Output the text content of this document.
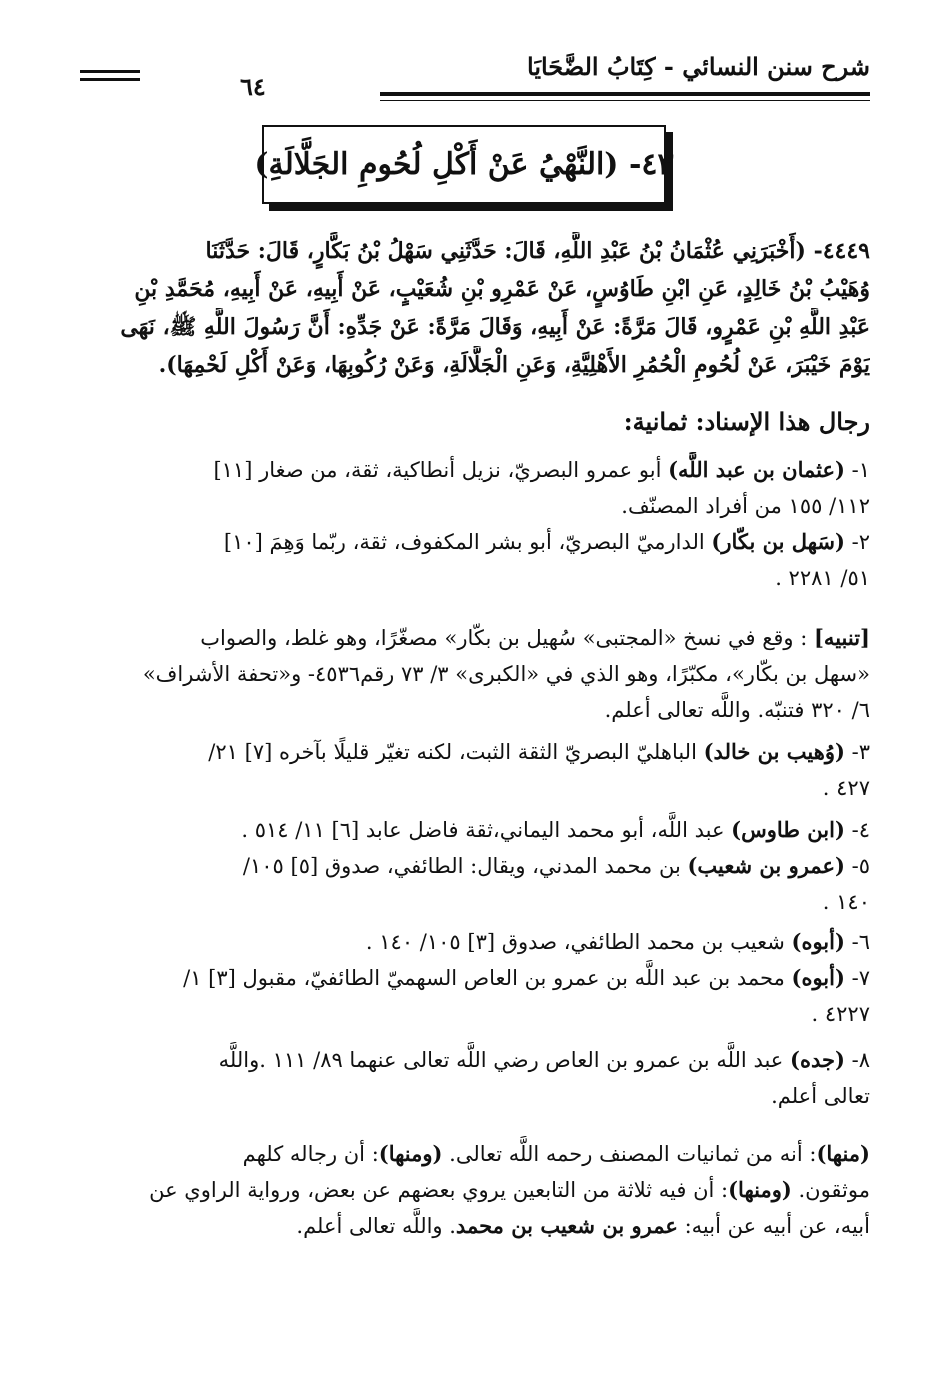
شرح سنن النسائي - كِتَابُ الضَّحَايَا
٦٤
٤٣- (النَّهْيُ عَنْ أَكْلِ لُحُومِ الجَلَّالَةِ)
٤٤٤٩- (أَخْبَرَنِي عُثْمَانُ بْنُ عَبْدِ اللَّهِ، قَالَ: حَدَّثَنِي سَهْلُ بْنُ بَكَّارٍ، قَالَ: حَدَّثَنَا
وُهَيْبُ بْنُ خَالِدٍ، عَنِ ابْنِ طَاوُسٍ، عَنْ عَمْرِو بْنِ شُعَيْبٍ، عَنْ أَبِيهِ، عَنْ أَبِيهِ، مُحَمَّدِ بْنِ
عَبْدِ اللَّهِ بْنِ عَمْرٍو، قَالَ مَرَّةً: عَنْ أَبِيهِ، وَقَالَ مَرَّةً: عَنْ جَدِّهِ: أَنَّ رَسُولَ اللَّهِ ﷺ، نَهَى
يَوْمَ خَيْبَرَ، عَنْ لُحُومِ الْحُمُرِ الأَهْلِيَّةِ، وَعَنِ الْجَلَّالَةِ، وَعَنْ رُكُوبِهَا، وَعَنْ أَكْلِ لَحْمِهَا).
رجال هذا الإسناد: ثمانية:
١- (عثمان بن عبد اللَّه) أبو عمرو البصريّ، نزيل أنطاكية، ثقة، من صغار [١١]
١١٢/ ١٥٥ من أفراد المصنّف.
٢- (سَهل بن بكّار) الدارميّ البصريّ، أبو بشر المكفوف، ثقة، ربّما وَهِمَ [١٠]
٥١/ ٢٢٨١ .
[تنبيه] : وقع في نسخ «المجتبى» سُهيل بن بكّار» مصغّرًا، وهو غلط، والصواب
«سهل بن بكّار»، مكبّرًا، وهو الذي في «الكبرى» ٣/ ٧٣ رقم٤٥٣٦- و«تحفة الأشراف»
٦/ ٣٢٠ فتنبّه. واللَّه تعالى أعلم.
٣- (وُهيب بن خالد) الباهليّ البصريّ الثقة الثبت، لكنه تغيّر قليلًا بآخره [٧] ٢١/
٤٢٧ .
٤- (ابن طاوس) عبد اللَّه، أبو محمد اليماني،ثقة فاضل عابد [٦] ١١/ ٥١٤ .
٥- (عمرو بن شعيب) بن محمد المدني، ويقال: الطائفي، صدوق [٥] ١٠٥/
١٤٠ .
٦- (أبوه) شعيب بن محمد الطائفي، صدوق [٣] ١٠٥/ ١٤٠ .
٧- (أبوه) محمد بن عبد اللَّه بن عمرو بن العاص السهميّ الطائفيّ، مقبول [٣] ١/
٤٢٢٧ .
٨- (جده) عبد اللَّه بن عمرو بن العاص رضي اللَّه تعالى عنهما ٨٩/ ١١١ .واللَّه
تعالى أعلم.
(منها): أنه من ثمانيات المصنف رحمه اللَّه تعالى. (ومنها): أن رجاله كلهم
موثقون. (ومنها): أن فيه ثلاثة من التابعين يروي بعضهم عن بعض، ورواية الراوي عن
أبيه، عن أبيه عن أبيه: عمرو بن شعيب بن محمد. واللَّه تعالى أعلم.
